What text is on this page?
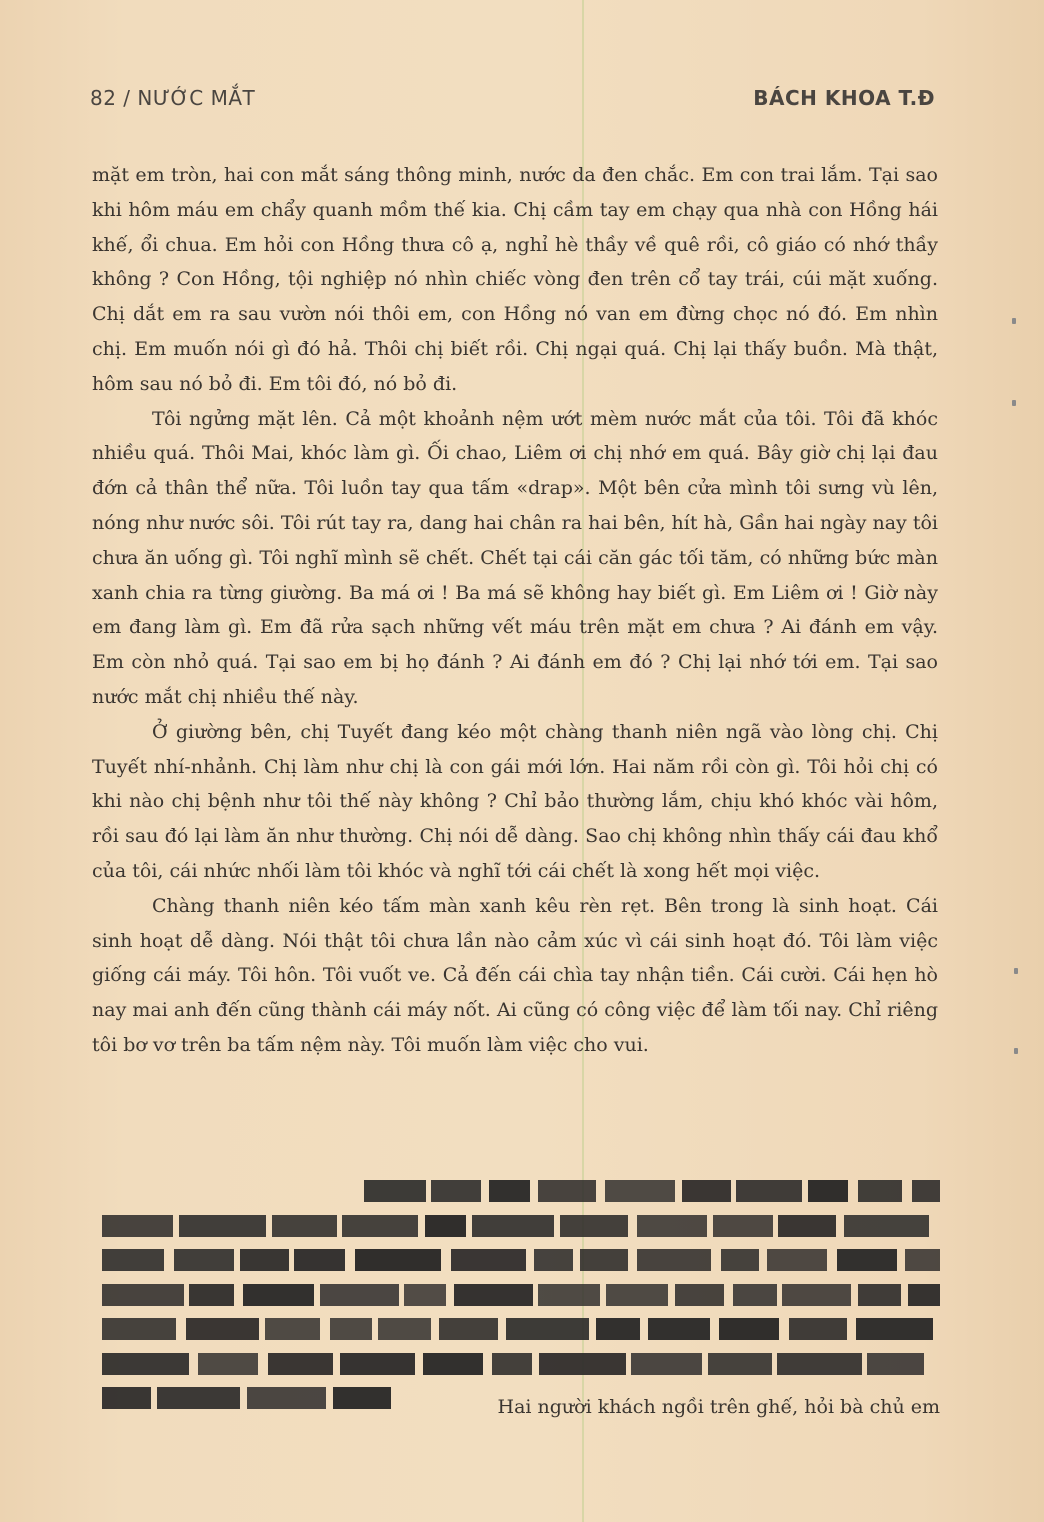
82 / NƯỚC MẮT	BÁCH KHOA T.Đ

mặt em tròn, hai con mắt sáng thông minh, nước da đen chắc. Em con trai lắm. Tại sao khi hôm máu em chẩy quanh mồm thế kia. Chị cầm tay em chạy qua nhà con Hồng hái khế, ổi chua. Em hỏi con Hồng thưa cô ạ, nghỉ hè thầy về quê rồi, cô giáo có nhớ thầy không ? Con Hồng, tội nghiệp nó nhìn chiếc vòng đen trên cổ tay trái, cúi mặt xuống. Chị dắt em ra sau vườn nói thôi em, con Hồng nó van em đừng chọc nó đó. Em nhìn chị. Em muốn nói gì đó hả. Thôi chị biết rồi. Chị ngại quá. Chị lại thấy buồn. Mà thật, hôm sau nó bỏ đi. Em tôi đó, nó bỏ đi.

Tôi ngửng mặt lên. Cả một khoảnh nệm ướt mèm nước mắt của tôi. Tôi đã khóc nhiều quá. Thôi Mai, khóc làm gì. Ối chao, Liêm ơi chị nhớ em quá. Bây giờ chị lại đau đớn cả thân thể nữa. Tôi luồn tay qua tấm «drap». Một bên cửa mình tôi sưng vù lên, nóng như nước sôi. Tôi rút tay ra, dang hai chân ra hai bên, hít hà, Gần hai ngày nay tôi chưa ăn uống gì. Tôi nghĩ mình sẽ chết. Chết tại cái căn gác tối tăm, có những bức màn xanh chia ra từng giường. Ba má ơi ! Ba má sẽ không hay biết gì. Em Liêm ơi ! Giờ này em đang làm gì. Em đã rửa sạch những vết máu trên mặt em chưa ? Ai đánh em vậy. Em còn nhỏ quá. Tại sao em bị họ đánh ? Ai đánh em đó ? Chị lại nhớ tới em. Tại sao nước mắt chị nhiều thế này.

Ở giường bên, chị Tuyết đang kéo một chàng thanh niên ngã vào lòng chị. Chị Tuyết nhí-nhảnh. Chị làm như chị là con gái mới lớn. Hai năm rồi còn gì. Tôi hỏi chị có khi nào chị bệnh như tôi thế này không ? Chỉ bảo thường lắm, chịu khó khóc vài hôm, rồi sau đó lại làm ăn như thường. Chị nói dễ dàng. Sao chị không nhìn thấy cái đau khổ của tôi, cái nhức nhối làm tôi khóc và nghĩ tới cái chết là xong hết mọi việc.

Chàng thanh niên kéo tấm màn xanh kêu rèn rẹt. Bên trong là sinh hoạt. Cái sinh hoạt dễ dàng. Nói thật tôi chưa lần nào cảm xúc vì cái sinh hoạt đó. Tôi làm việc giống cái máy. Tôi hôn. Tôi vuốt ve. Cả đến cái chìa tay nhận tiền. Cái cười. Cái hẹn hò nay mai anh đến cũng thành cái máy nốt. Ai cũng có công việc để làm tối nay. Chỉ riêng tôi bơ vơ trên ba tấm nệm này. Tôi muốn làm việc cho vui.

Hai người khách ngồi trên ghế, hỏi bà chủ em
